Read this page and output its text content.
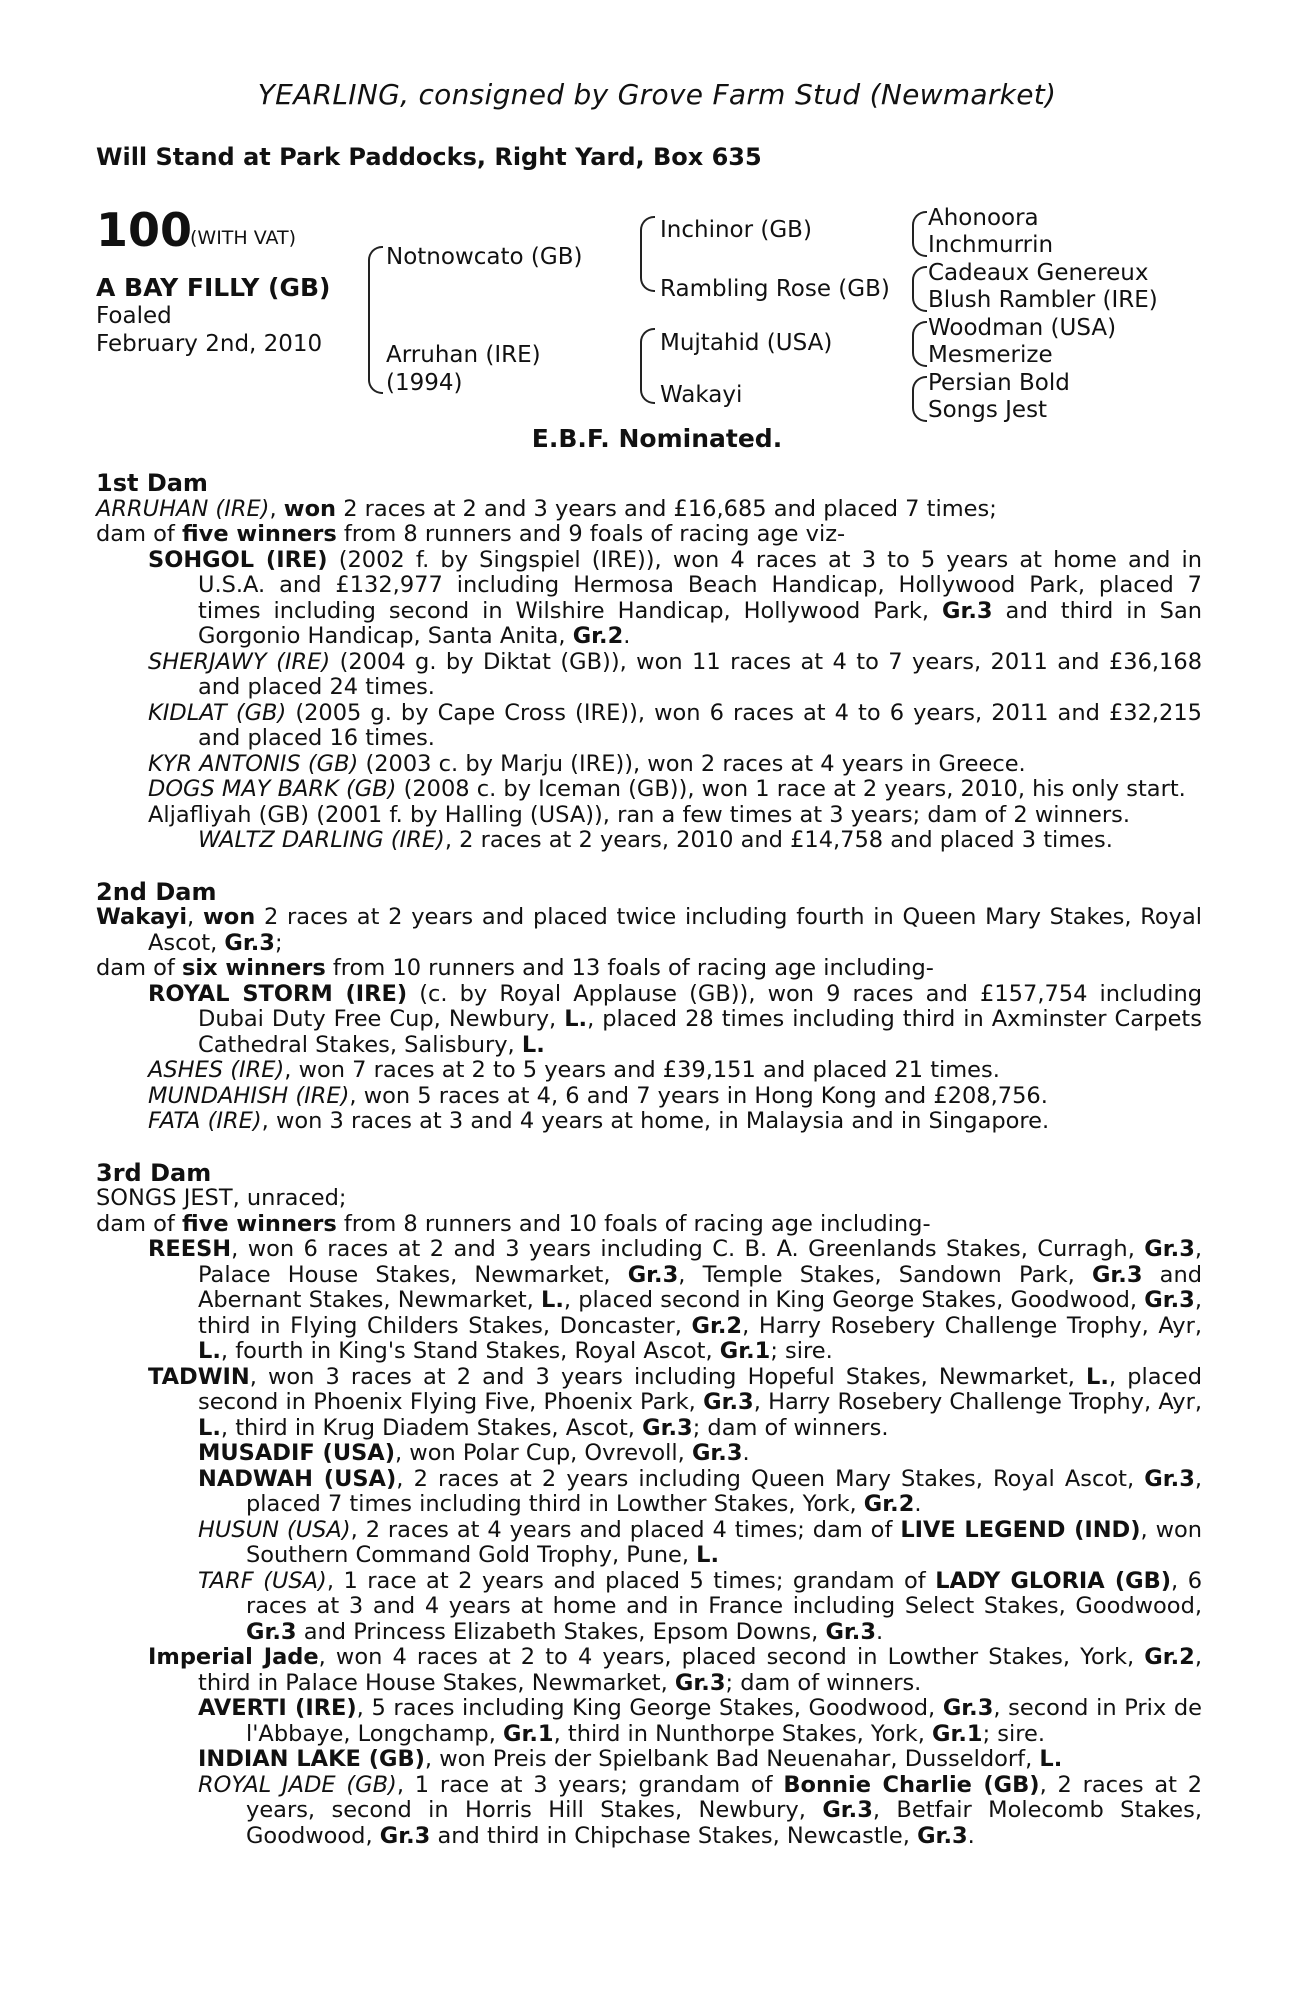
YEARLING, consigned by Grove Farm Stud (Newmarket)
Will Stand at Park Paddocks, Right Yard, Box 635
100
(WITH VAT)
A BAY FILLY (GB)
Foaled
February 2nd, 2010
Notnowcato (GB)
Arruhan (IRE)
(1994)
Inchinor (GB)
Rambling Rose (GB)
Mujtahid (USA)
Wakayi
Ahonoora
Inchmurrin
Cadeaux Genereux
Blush Rambler (IRE)
Woodman (USA)
Mesmerize
Persian Bold
Songs Jest
E.B.F. Nominated.
1st Dam

ARRUHAN (IRE), won 2 races at 2 and 3 years and £16,685 and placed 7 times;

dam of five winners from 8 runners and 9 foals of racing age viz-

SOHGOL (IRE) (2002 f. by Singspiel (IRE)), won 4 races at 3 to 5 years at home and in U.S.A. and £132,977 including Hermosa Beach Handicap, Hollywood Park, placed 7 times including second in Wilshire Handicap, Hollywood Park, Gr.3 and third in San Gorgonio Handicap, Santa Anita, Gr.2.

SHERJAWY (IRE) (2004 g. by Diktat (GB)), won 11 races at 4 to 7 years, 2011 and £36,168 and placed 24 times.

KIDLAT (GB) (2005 g. by Cape Cross (IRE)), won 6 races at 4 to 6 years, 2011 and £32,215 and placed 16 times.

KYR ANTONIS (GB) (2003 c. by Marju (IRE)), won 2 races at 4 years in Greece.

DOGS MAY BARK (GB) (2008 c. by Iceman (GB)), won 1 race at 2 years, 2010, his only start.

Aljafliyah (GB) (2001 f. by Halling (USA)), ran a few times at 3 years; dam of 2 winners.

WALTZ DARLING (IRE), 2 races at 2 years, 2010 and £14,758 and placed 3 times.

2nd Dam

Wakayi, won 2 races at 2 years and placed twice including fourth in Queen Mary Stakes, Royal Ascot, Gr.3;

dam of six winners from 10 runners and 13 foals of racing age including-

ROYAL STORM (IRE) (c. by Royal Applause (GB)), won 9 races and £157,754 including Dubai Duty Free Cup, Newbury, L., placed 28 times including third in Axminster Carpets Cathedral Stakes, Salisbury, L.

ASHES (IRE), won 7 races at 2 to 5 years and £39,151 and placed 21 times.

MUNDAHISH (IRE), won 5 races at 4, 6 and 7 years in Hong Kong and £208,756.

FATA (IRE), won 3 races at 3 and 4 years at home, in Malaysia and in Singapore.

3rd Dam

SONGS JEST, unraced;

dam of five winners from 8 runners and 10 foals of racing age including-

REESH, won 6 races at 2 and 3 years including C. B. A. Greenlands Stakes, Curragh, Gr.3, Palace House Stakes, Newmarket, Gr.3, Temple Stakes, Sandown Park, Gr.3 and Abernant Stakes, Newmarket, L., placed second in King George Stakes, Goodwood, Gr.3, third in Flying Childers Stakes, Doncaster, Gr.2, Harry Rosebery Challenge Trophy, Ayr, L., fourth in King's Stand Stakes, Royal Ascot, Gr.1; sire.

TADWIN, won 3 races at 2 and 3 years including Hopeful Stakes, Newmarket, L., placed second in Phoenix Flying Five, Phoenix Park, Gr.3, Harry Rosebery Challenge Trophy, Ayr, L., third in Krug Diadem Stakes, Ascot, Gr.3; dam of winners.

MUSADIF (USA), won Polar Cup, Ovrevoll, Gr.3.

NADWAH (USA), 2 races at 2 years including Queen Mary Stakes, Royal Ascot, Gr.3, placed 7 times including third in Lowther Stakes, York, Gr.2.

HUSUN (USA), 2 races at 4 years and placed 4 times; dam of LIVE LEGEND (IND), won Southern Command Gold Trophy, Pune, L.

TARF (USA), 1 race at 2 years and placed 5 times; grandam of LADY GLORIA (GB), 6 races at 3 and 4 years at home and in France including Select Stakes, Goodwood, Gr.3 and Princess Elizabeth Stakes, Epsom Downs, Gr.3.

Imperial Jade, won 4 races at 2 to 4 years, placed second in Lowther Stakes, York, Gr.2, third in Palace House Stakes, Newmarket, Gr.3; dam of winners.

AVERTI (IRE), 5 races including King George Stakes, Goodwood, Gr.3, second in Prix de l'Abbaye, Longchamp, Gr.1, third in Nunthorpe Stakes, York, Gr.1; sire.

INDIAN LAKE (GB), won Preis der Spielbank Bad Neuenahar, Dusseldorf, L.

ROYAL JADE (GB), 1 race at 3 years; grandam of Bonnie Charlie (GB), 2 races at 2 years, second in Horris Hill Stakes, Newbury, Gr.3, Betfair Molecomb Stakes, Goodwood, Gr.3 and third in Chipchase Stakes, Newcastle, Gr.3.
